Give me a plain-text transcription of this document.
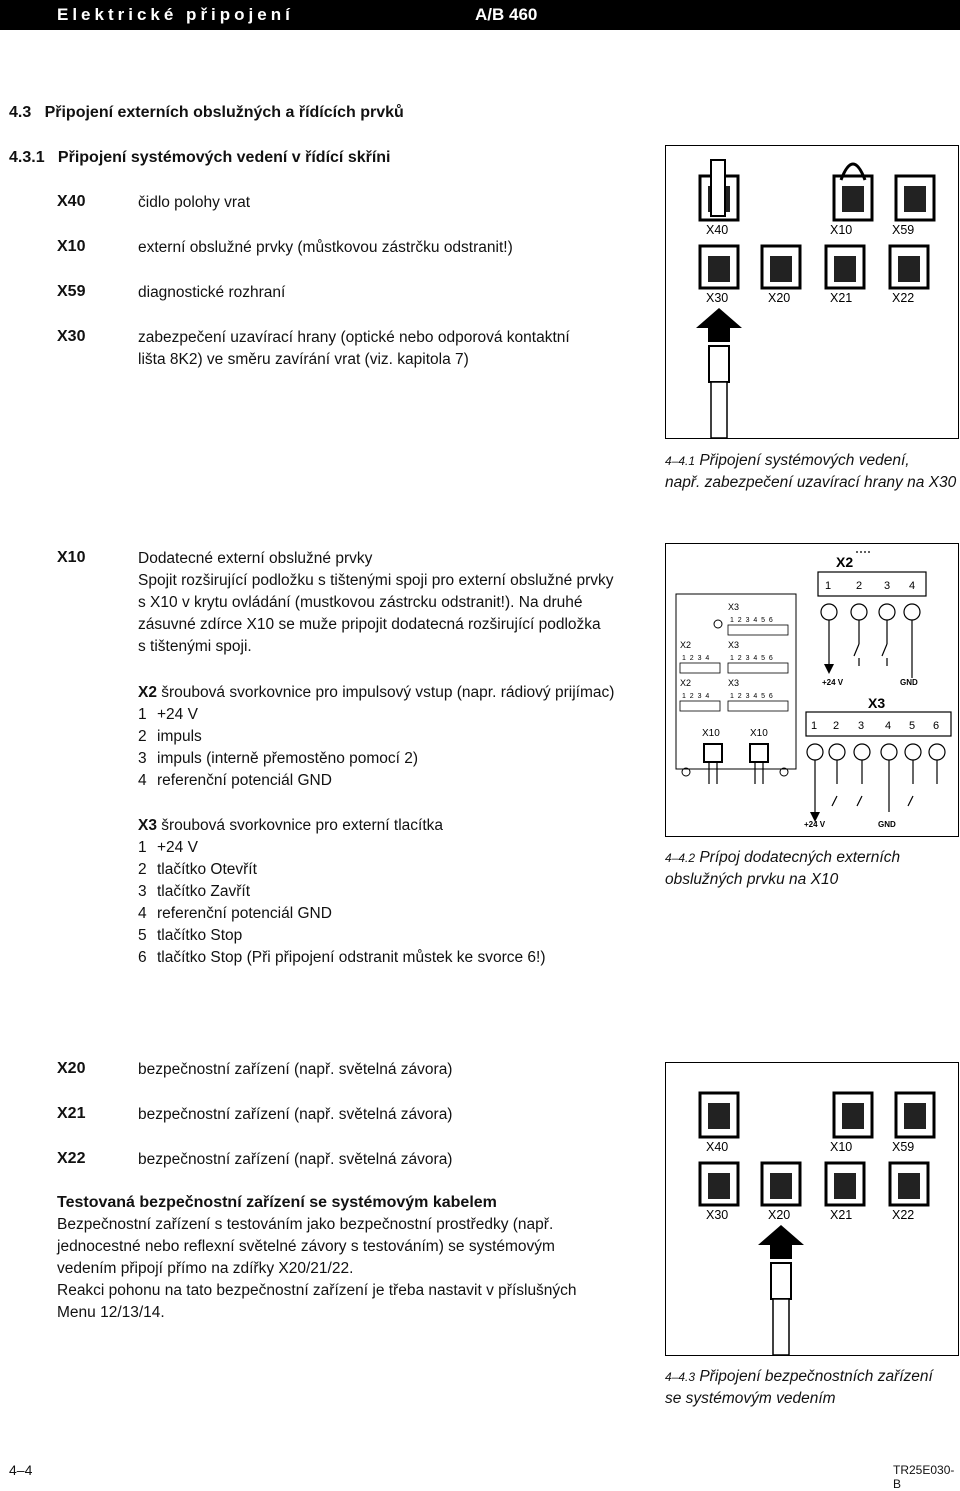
Elektrické připojení	A/B 460
4.3   Připojení externích obslužných a řídících prvků
4.3.1   Připojení systémových vedení v řídící skříni
X40	čidlo polohy vrat
X10	externí obslužné prvky (můstkovou zástrčku odstranit!)
X59	diagnostické rozhraní
X30	zabezpečení uzavírací hrany (optické nebo odporová kontaktní
lišta 8K2) ve směru zavírání vrat (viz. kapitola 7)
X40	X10	X59
X30	X20	X21	X22
4–4.1 Připojení systémových vedení,
např. zabezpečení uzavírací hrany na X30
X10	Dodatecné externí obslužné prvky
Spojit rozširující podložku s tištenými spoji pro externí obslužné prvky
s X10 v krytu ovládání (mustkovou zástrcku odstranit!). Na druhé
zásuvné zdírce X10 se muže pripojit dodatecná rozširující podložka
s tištenými spoji.
X2 šroubová svorkovnice pro impulsový vstup (napr. rádiový prijímac)
1 +24 V
2 impuls
3 impuls (interně přemostěno pomocí 2)
4 referenční potenciál GND
X3 šroubová svorkovnice pro externí tlacítka
1 +24 V
2 tlačítko Otevřít
3 tlačítko Zavřít
4 referenční potenciál GND
5 tlačítko Stop
6 tlačítko Stop (Při připojení odstranit můstek ke svorce 6!)
X3
1  2  3  4  5  6
X2
1  2  3  4
X3
1  2  3  4  5  6
X2
1  2  3  4
X3
1  2  3  4  5  6
X10	X10
X2
1 2 3 4
+24 V	GND
X3
1 2 3 4 5 6
+24 V	GND
4–4.2 Prípoj dodatecných externích
obslužných prvku na X10
X20	bezpečnostní zařízení (např. světelná závora)
X21	bezpečnostní zařízení (např. světelná závora)
X22	bezpečnostní zařízení (např. světelná závora)
Testovaná bezpečnostní zařízení se systémovým kabelem
Bezpečnostní zařízení s testováním jako bezpečnostní prostředky (např.
jednocestné nebo reflexní světelné závory s testováním) se systémovým
vedením připojí přímo na zdířky X20/21/22.
Reakci pohonu na tato bezpečnostní zařízení je třeba nastavit v příslušných
Menu 12/13/14.
X40	X10	X59
X30	X20	X21	X22
4–4.3 Připojení bezpečnostních zařízení
se systémovým vedením
4–4	TR25E030-B
